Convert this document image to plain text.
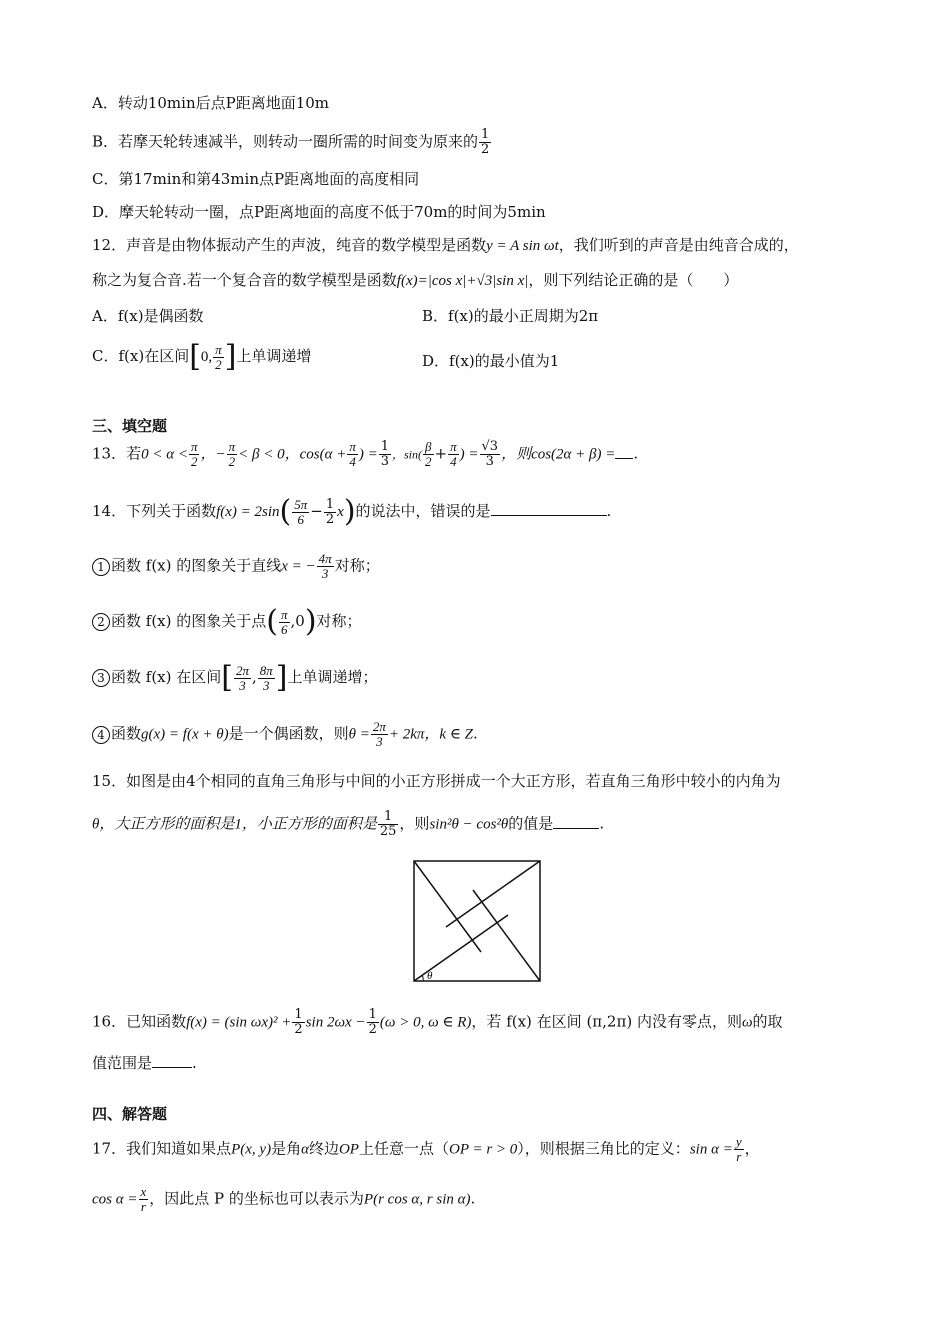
A．转动10min后点P距离地面10m
B．若摩天轮转速减半，则转动一圈所需的时间变为原来的 $\frac{1}{2}$
C．第17min和第43min点P距离地面的高度相同
D．摩天轮转动一圈，点P距离地面的高度不低于70m的时间为5min
12．声音是由物体振动产生的声波，纯音的数学模型是函数y = A sin ωt，我们听到的声音是由纯音合成的，
称之为复合音.若一个复合音的数学模型是函数f(x)=|cos x|+√3|sin x|，则下列结论正确的是（　　）
A．f(x)是偶函数	B．f(x)的最小正周期为2π
C．f(x)在区间[0, $\frac{\pi}{2}$ ]上单调递增	D．f(x)的最小值为1
三、填空题
13．若$0 < \alpha < \frac{\pi}{2}$ ，− $\frac{\pi}{2} < \beta < 0$，$\cos(\alpha + \frac{\pi}{4}$ ) = $\frac{1}{3}$ ，$\sin( \frac{\beta}{2} + \frac{\pi}{4}$ ) = $\frac{√3}{3}$ ，则cos(2α + β) = .
14．下列关于函数$f(x) = 2\sin( \frac{5\pi}{6} - \frac{1}{2} x)$的说法中，错误的是	.
1 函数 f(x) 的图象关于直线x = − $\frac{4\pi}{3}$ 对称；
2 函数 f(x) 的图象关于点( $\frac{\pi}{6} ,0$)对称；
3 函数 f(x) 在区间[ $\frac{2\pi}{3}$ , $\frac{8\pi}{3}$ ]上单调递增；
4 函数g(x) = f(x + θ)是一个偶函数，则$\theta = \frac{2\pi}{3} + 2k\pi$，k ∈ Z.
15．如图是由4个相同的直角三角形与中间的小正方形拼成一个大正方形，若直角三角形中较小的内角为
θ，大正方形的面积是1，小正方形的面积是 $\frac{1}{25}$ ，则sin²θ − cos²θ的值是	.
θ
16．已知函数f(x) = (sin $\omega x)^2 + \frac{1}{2}$ $\sin 2\omega x - \frac{1}{2} (\omega > 0$, ω ∈ R)，若 f(x) 在区间 (π,2π) 内没有零点，则ω的取
值范围是	.
四、解答题
17．我们知道如果点P(x, y)是角α终边OP上任意一点（OP = r > 0），则根据三角比的定义：$\sin \alpha = \frac{y}{r}$ ，
$\cos \alpha = \frac{x}{r}$ ，因此点 P 的坐标也可以表示为P(r cos α, r sin α).
